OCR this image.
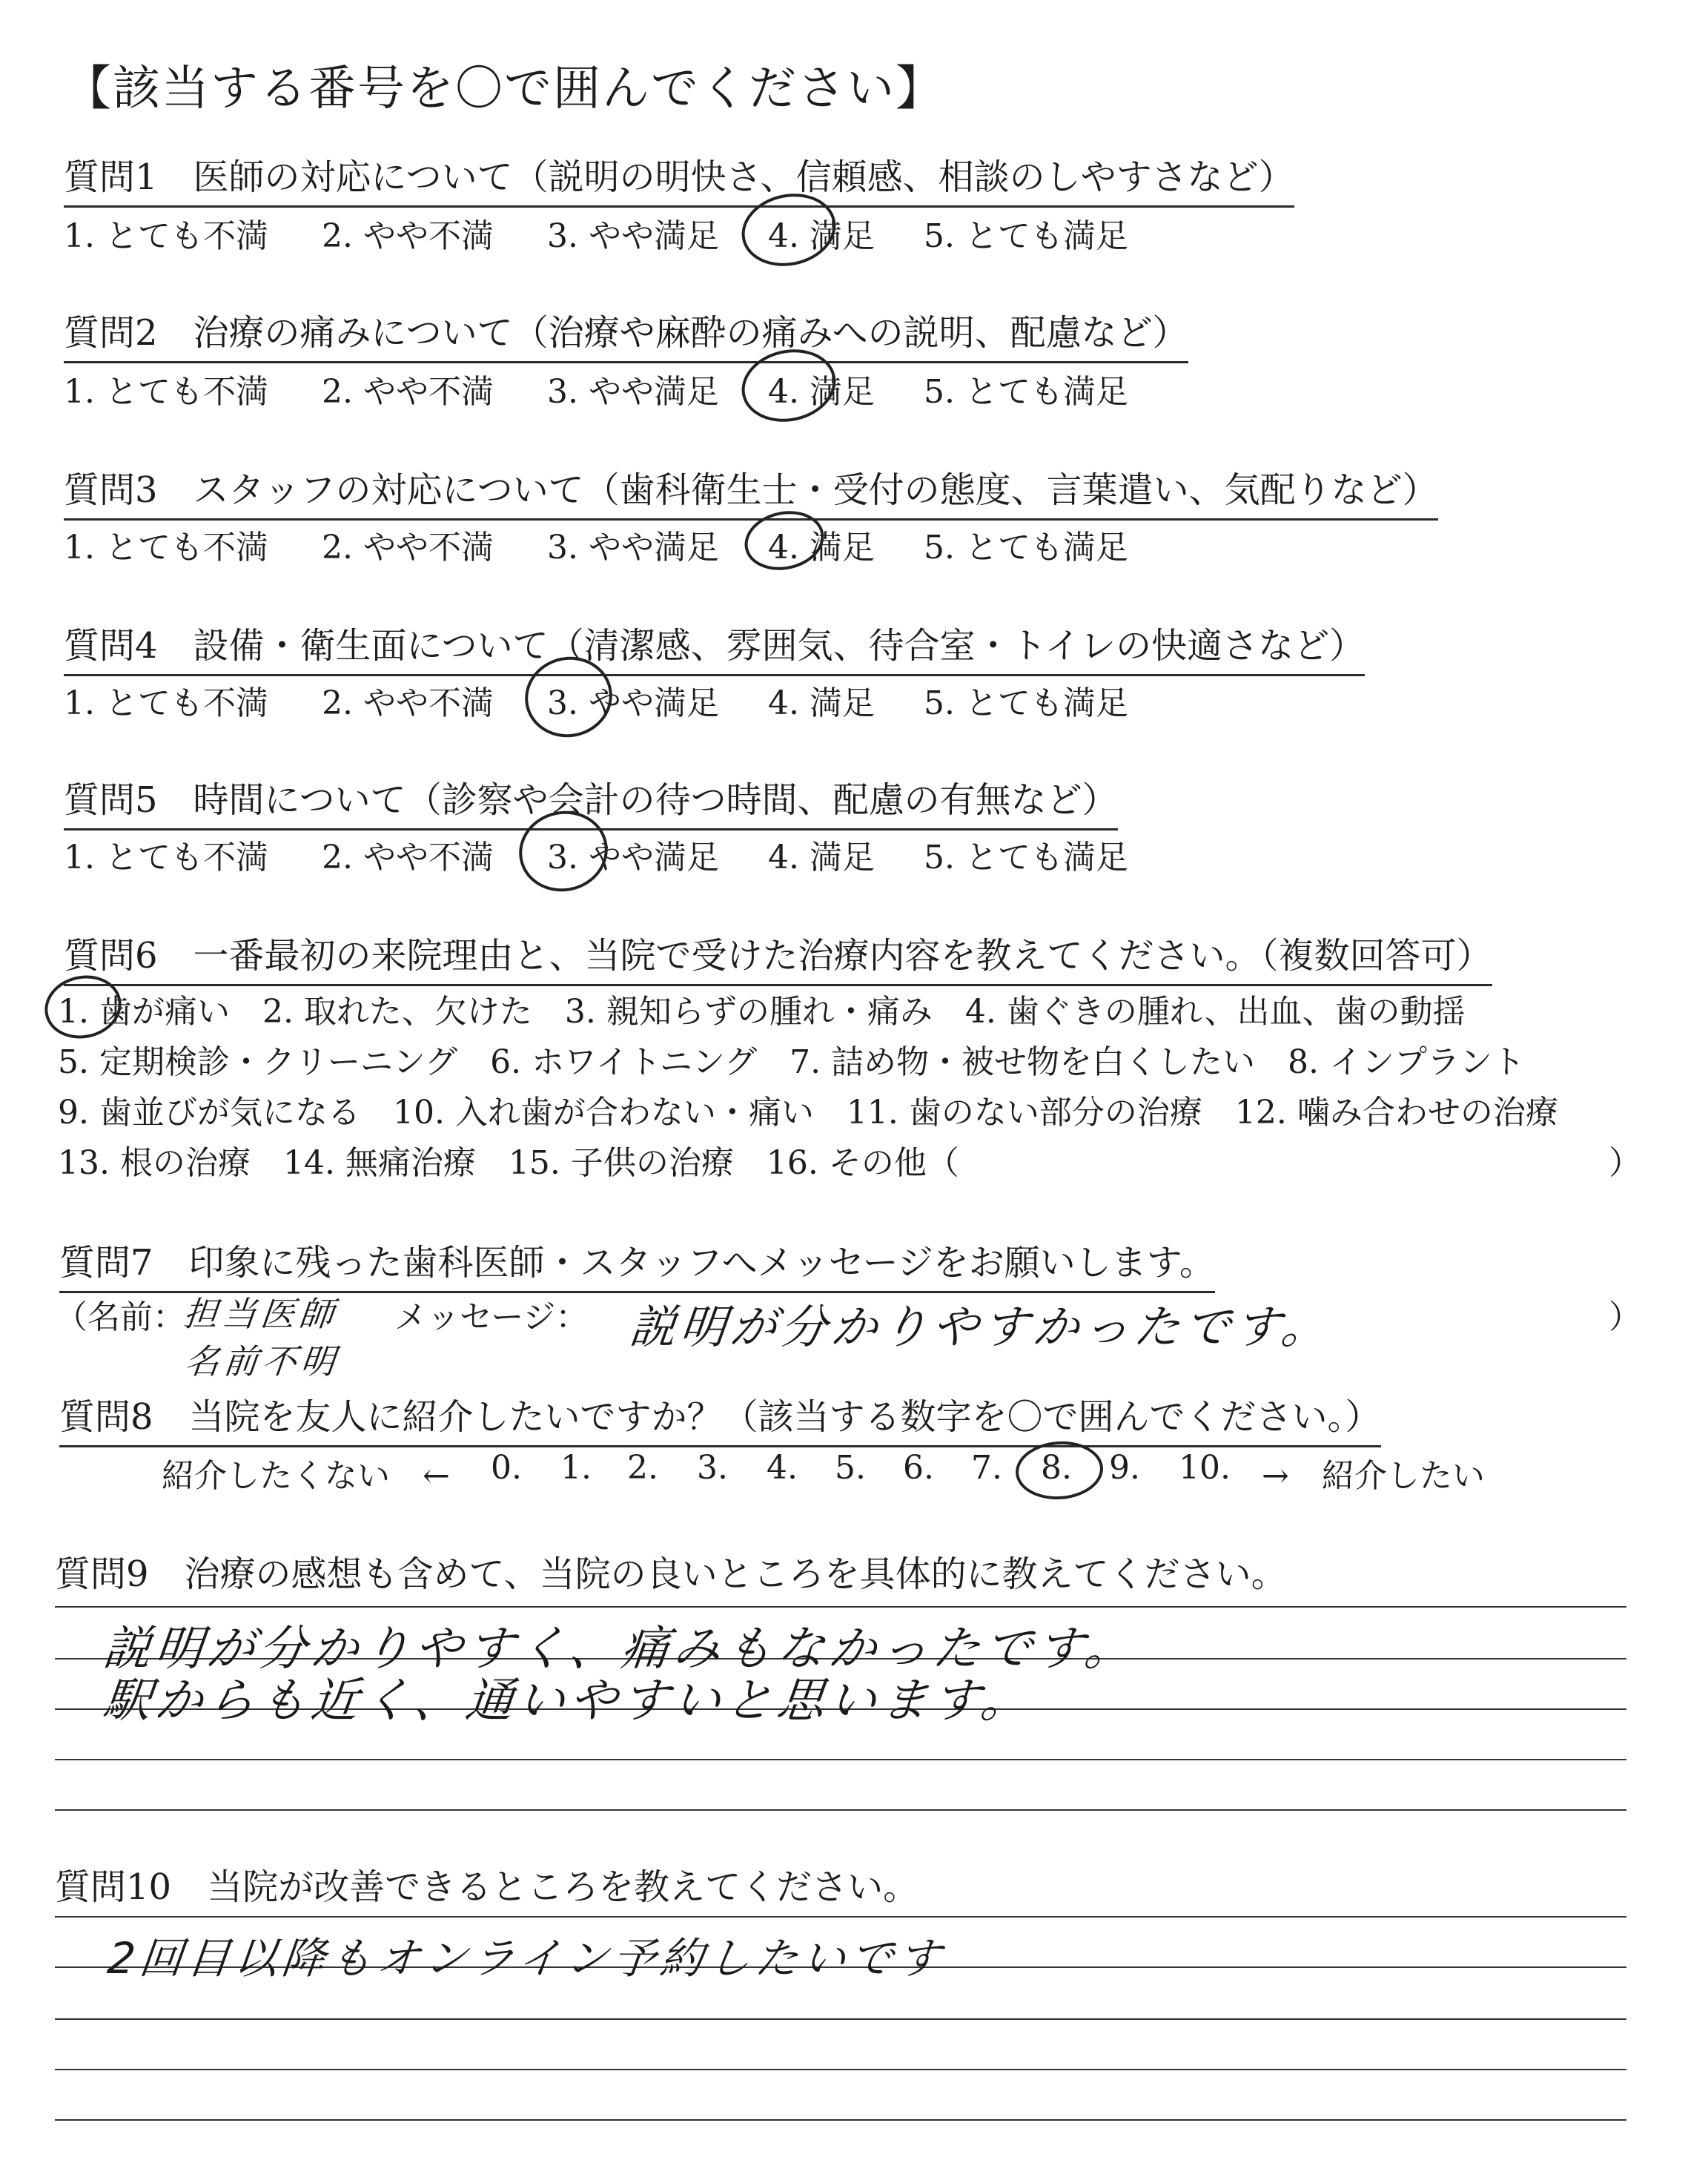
【該当する番号を〇で囲んでください】
質問1　医師の対応について（説明の明快さ、信頼感、相談のしやすさなど）
1. とても不満 2. やや不満 3. やや満足 4. 満足 5. とても満足
質問2　治療の痛みについて（治療や麻酔の痛みへの説明、配慮など）
1. とても不満 2. やや不満 3. やや満足 4. 満足 5. とても満足
質問3　スタッフの対応について（歯科衛生士・受付の態度、言葉遣い、気配りなど）
1. とても不満 2. やや不満 3. やや満足 4. 満足 5. とても満足
質問4　設備・衛生面について（清潔感、雰囲気、待合室・トイレの快適さなど）
1. とても不満 2. やや不満 3. やや満足 4. 満足 5. とても満足
質問5　時間について（診察や会計の待つ時間、配慮の有無など）
1. とても不満 2. やや不満 3. やや満足 4. 満足 5. とても満足
質問6　一番最初の来院理由と、当院で受けた治療内容を教えてください。（複数回答可）
1. 歯が痛い　2. 取れた、欠けた　3. 親知らずの腫れ・痛み　4. 歯ぐきの腫れ、出血、歯の動揺
5. 定期検診・クリーニング　6. ホワイトニング　7. 詰め物・被せ物を白くしたい　8. インプラント
9. 歯並びが気になる　10. 入れ歯が合わない・痛い　11. 歯のない部分の治療　12. 噛み合わせの治療
13. 根の治療　14. 無痛治療　15. 子供の治療　16. その他（	）
質問7　印象に残った歯科医師・スタッフへメッセージをお願いします。
（名前：
担当医師
名前不明
メッセージ： 説明が分かりやすかったです。	）
質問8　当院を友人に紹介したいですか？（該当する数字を〇で囲んでください。）
紹介したくない　← 0. 1. 2. 3. 4. 5. 6. 7. 8. 9. 10. →　紹介したい
質問9　治療の感想も含めて、当院の良いところを具体的に教えてください。
説明が分かりやすく、痛みもなかったです。
駅からも近く、通いやすいと思います。
質問10　当院が改善できるところを教えてください。
2回目以降もオンライン予約したいです
